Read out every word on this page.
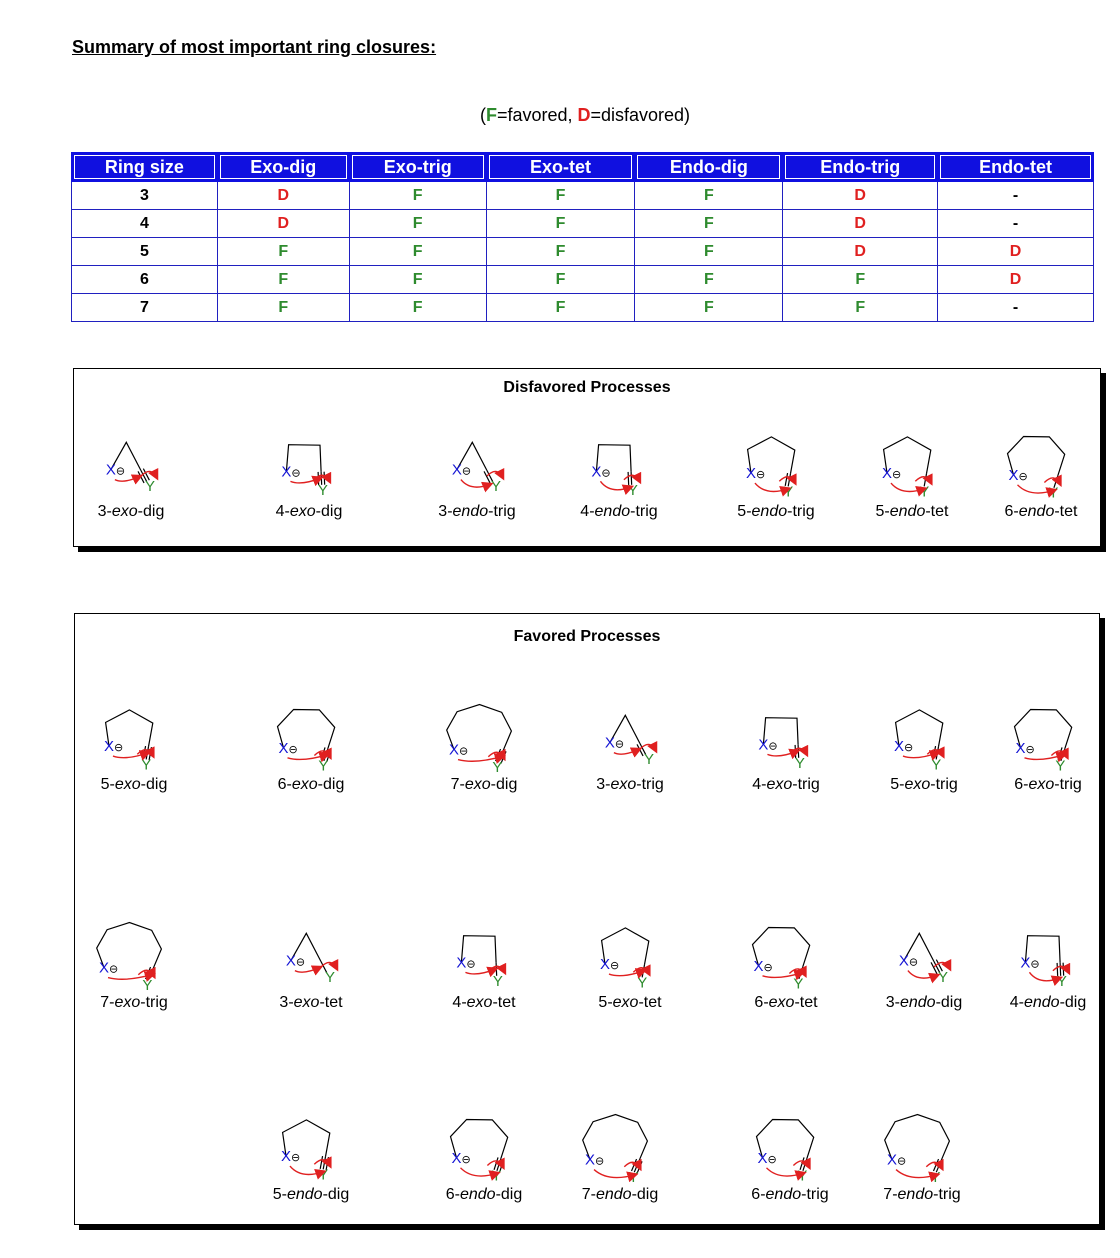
Summary of most important ring closures:
(F=favored, D=disfavored)
Ring size	Exo-dig	Exo-trig	Exo-tet	Endo-dig	Endo-trig	Endo-tet

3	D	F	F	F	D	-
4	D	F	F	F	D	-
5	F	F	F	F	D	D
6	F	F	F	F	F	D
7	F	F	F	F	F	-
Disfavored Processes
X ⊖
Y
3-exo-dig
X ⊖
Y
4-exo-dig
X ⊖
Y
3-endo-trig
X ⊖
Y
4-endo-trig
X ⊖
Y
5-endo-trig
X ⊖
Y
5-endo-tet
X ⊖
Y
6-endo-tet
Favored Processes
X ⊖
Y
5-exo-dig
X ⊖
Y
6-exo-dig
X ⊖
Y
7-exo-dig
X ⊖
Y
3-exo-trig
X ⊖
Y
4-exo-trig
X ⊖
Y
5-exo-trig
X ⊖
Y
6-exo-trig
X ⊖
Y
7-exo-trig
X ⊖
Y
3-exo-tet
X ⊖
Y
4-exo-tet
X ⊖
Y
5-exo-tet
X ⊖
Y
6-exo-tet
X ⊖
Y
3-endo-dig
X ⊖
Y
4-endo-dig
X ⊖
Y
5-endo-dig
X ⊖
Y
6-endo-dig
X ⊖
Y
7-endo-dig
X ⊖
Y
6-endo-trig
X ⊖
Y
7-endo-trig
